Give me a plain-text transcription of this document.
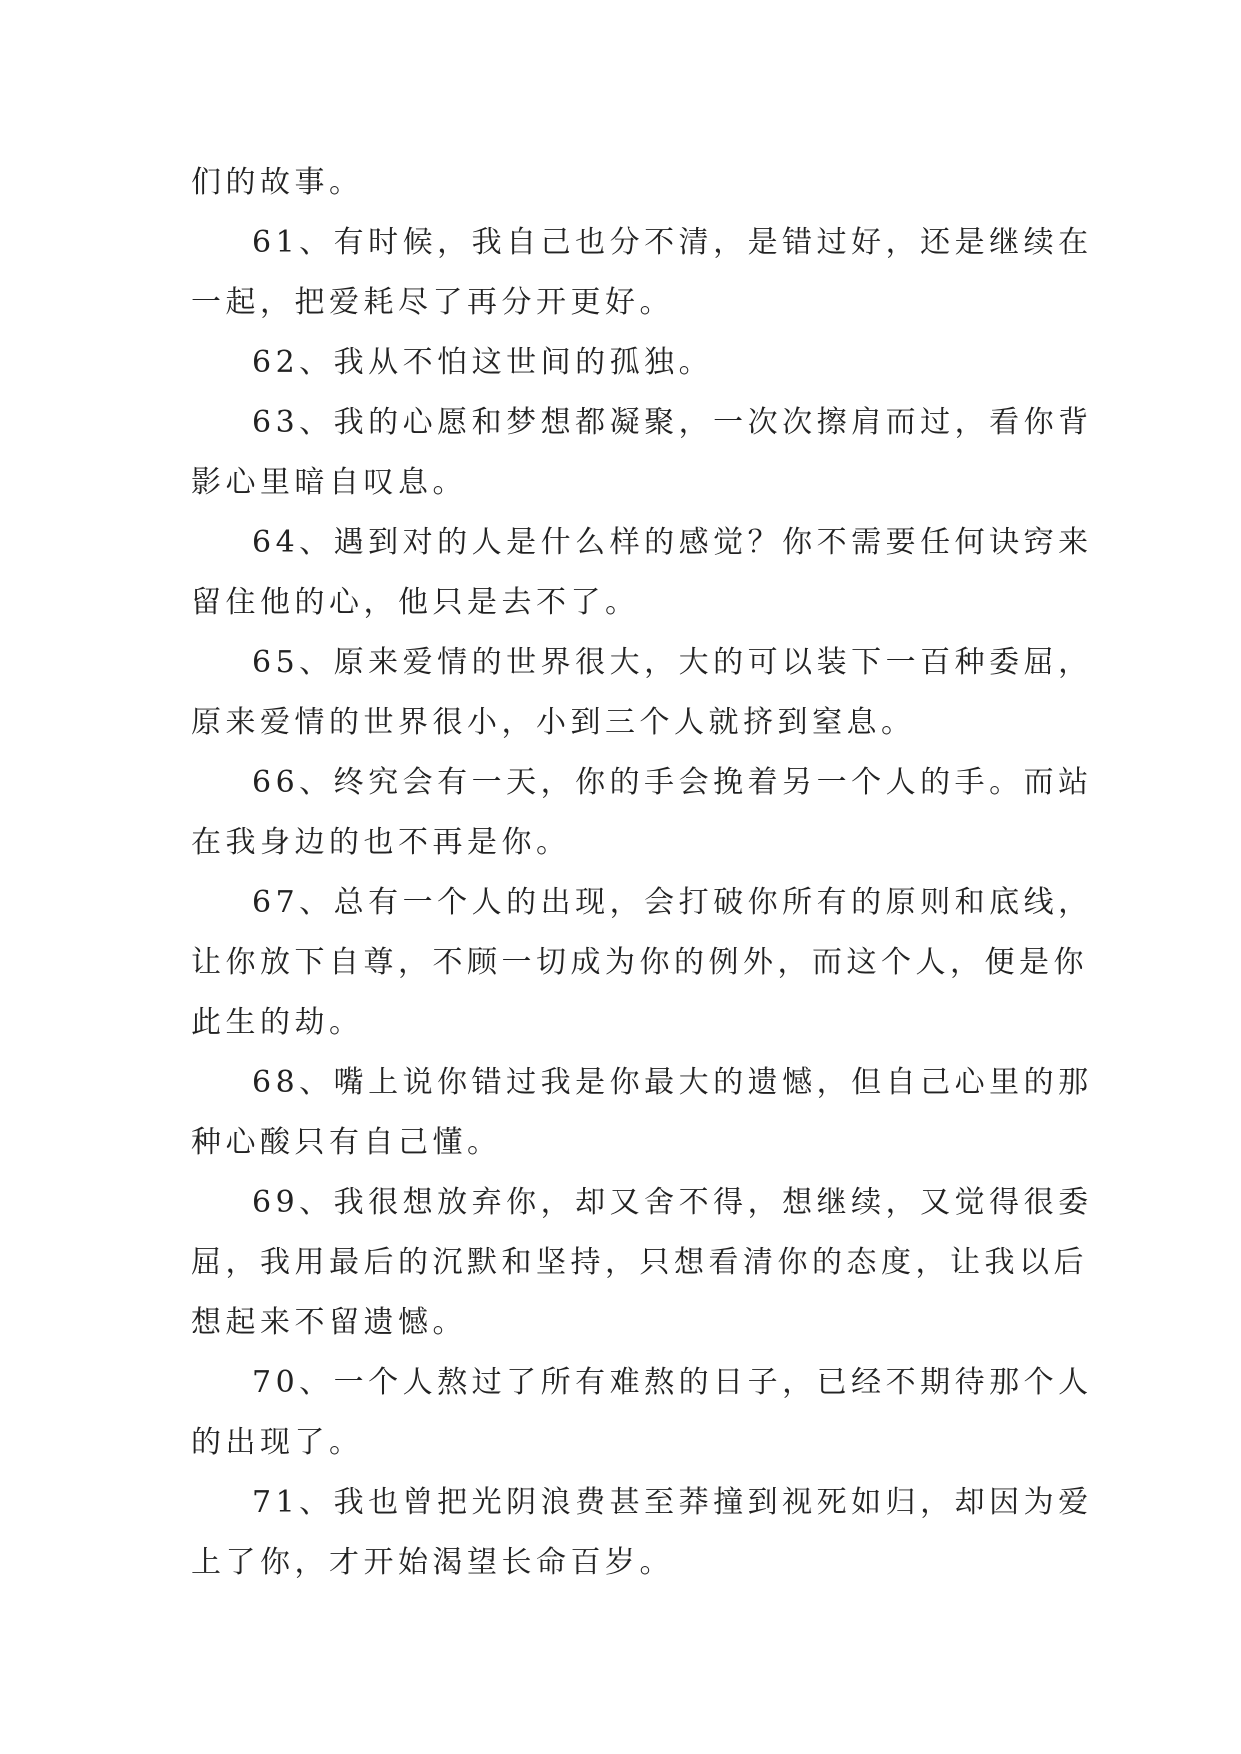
们的故事。
61、有时候，我自己也分不清，是错过好，还是继续在
一起，把爱耗尽了再分开更好。
62、我从不怕这世间的孤独。
63、我的心愿和梦想都凝聚，一次次擦肩而过，看你背
影心里暗自叹息。
64、遇到对的人是什么样的感觉？你不需要任何诀窍来
留住他的心，他只是去不了。
65、原来爱情的世界很大，大的可以装下一百种委屈，
原来爱情的世界很小，小到三个人就挤到窒息。
66、终究会有一天，你的手会挽着另一个人的手。而站
在我身边的也不再是你。
67、总有一个人的出现，会打破你所有的原则和底线，
让你放下自尊，不顾一切成为你的例外，而这个人，便是你
此生的劫。
68、嘴上说你错过我是你最大的遗憾，但自己心里的那
种心酸只有自己懂。
69、我很想放弃你，却又舍不得，想继续，又觉得很委
屈，我用最后的沉默和坚持，只想看清你的态度，让我以后
想起来不留遗憾。
70、一个人熬过了所有难熬的日子，已经不期待那个人
的出现了。
71、我也曾把光阴浪费甚至莽撞到视死如归，却因为爱
上了你，才开始渴望长命百岁。
